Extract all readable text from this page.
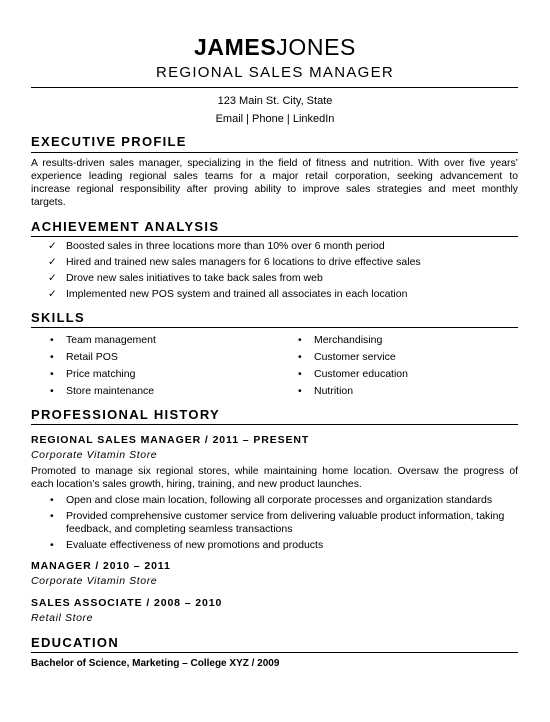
JAMESJONES
REGIONAL SALES MANAGER
123 Main St. City, State
Email | Phone | LinkedIn
EXECUTIVE PROFILE
A results-driven sales manager, specializing in the field of fitness and nutrition. With over five years’
experience leading regional sales teams for a major retail corporation, seeking advancement to
increase regional responsibility after proving ability to improve sales strategies and meet monthly
targets.
ACHIEVEMENT ANALYSIS
✓ Boosted sales in three locations more than 10% over 6 month period
✓ Hired and trained new sales managers for 6 locations to drive effective sales
✓ Drove new sales initiatives to take back sales from web
✓ Implemented new POS system and trained all associates in each location
SKILLS
• Team management
• Retail POS
• Price matching
• Store maintenance
• Merchandising
• Customer service
• Customer education
• Nutrition
PROFESSIONAL HISTORY
REGIONAL SALES MANAGER / 2011 – PRESENT
Corporate Vitamin Store
Promoted to manage six regional stores, while maintaining home location. Oversaw the progress of
each location’s sales growth, hiring, training, and new product launches.
• Open and close main location, following all corporate processes and organization standards
• Provided comprehensive customer service from delivering valuable product information, taking
feedback, and completing seamless transactions
• Evaluate effectiveness of new promotions and products
MANAGER / 2010 – 2011
Corporate Vitamin Store
SALES ASSOCIATE / 2008 – 2010
Retail Store
EDUCATION
Bachelor of Science, Marketing – College XYZ / 2009
